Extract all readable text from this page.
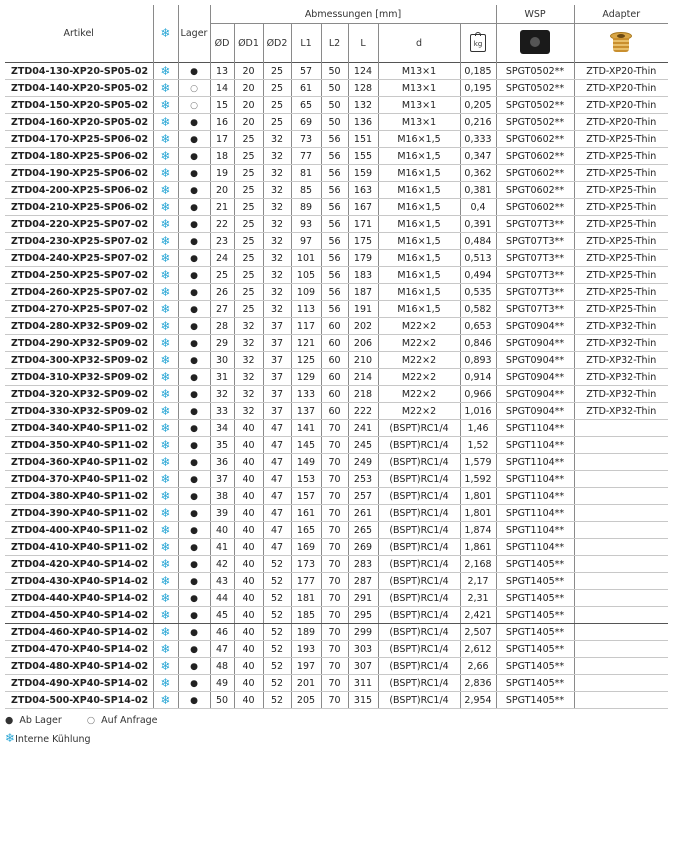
Artikel	❄	Lager	Abmessungen [mm]								WSP	Adapter
			ØD	ØD1	ØD2	L1	L2	L	d	kg		

ZTD04-130-XP20-SP05-02	❄	●	13	20	25	57	50	124	M13×1	0,185	SPGT0502**	ZTD-XP20-Thin
ZTD04-140-XP20-SP05-02	❄	○	14	20	25	61	50	128	M13×1	0,195	SPGT0502**	ZTD-XP20-Thin
ZTD04-150-XP20-SP05-02	❄	○	15	20	25	65	50	132	M13×1	0,205	SPGT0502**	ZTD-XP20-Thin
ZTD04-160-XP20-SP05-02	❄	●	16	20	25	69	50	136	M13×1	0,216	SPGT0502**	ZTD-XP20-Thin
ZTD04-170-XP25-SP06-02	❄	●	17	25	32	73	56	151	M16×1,5	0,333	SPGT0602**	ZTD-XP25-Thin
ZTD04-180-XP25-SP06-02	❄	●	18	25	32	77	56	155	M16×1,5	0,347	SPGT0602**	ZTD-XP25-Thin
ZTD04-190-XP25-SP06-02	❄	●	19	25	32	81	56	159	M16×1,5	0,362	SPGT0602**	ZTD-XP25-Thin
ZTD04-200-XP25-SP06-02	❄	●	20	25	32	85	56	163	M16×1,5	0,381	SPGT0602**	ZTD-XP25-Thin
ZTD04-210-XP25-SP06-02	❄	●	21	25	32	89	56	167	M16×1,5	0,4	SPGT0602**	ZTD-XP25-Thin
ZTD04-220-XP25-SP07-02	❄	●	22	25	32	93	56	171	M16×1,5	0,391	SPGT07T3**	ZTD-XP25-Thin
ZTD04-230-XP25-SP07-02	❄	●	23	25	32	97	56	175	M16×1,5	0,484	SPGT07T3**	ZTD-XP25-Thin
ZTD04-240-XP25-SP07-02	❄	●	24	25	32	101	56	179	M16×1,5	0,513	SPGT07T3**	ZTD-XP25-Thin
ZTD04-250-XP25-SP07-02	❄	●	25	25	32	105	56	183	M16×1,5	0,494	SPGT07T3**	ZTD-XP25-Thin
ZTD04-260-XP25-SP07-02	❄	●	26	25	32	109	56	187	M16×1,5	0,535	SPGT07T3**	ZTD-XP25-Thin
ZTD04-270-XP25-SP07-02	❄	●	27	25	32	113	56	191	M16×1,5	0,582	SPGT07T3**	ZTD-XP25-Thin
ZTD04-280-XP32-SP09-02	❄	●	28	32	37	117	60	202	M22×2	0,653	SPGT0904**	ZTD-XP32-Thin
ZTD04-290-XP32-SP09-02	❄	●	29	32	37	121	60	206	M22×2	0,846	SPGT0904**	ZTD-XP32-Thin
ZTD04-300-XP32-SP09-02	❄	●	30	32	37	125	60	210	M22×2	0,893	SPGT0904**	ZTD-XP32-Thin
ZTD04-310-XP32-SP09-02	❄	●	31	32	37	129	60	214	M22×2	0,914	SPGT0904**	ZTD-XP32-Thin
ZTD04-320-XP32-SP09-02	❄	●	32	32	37	133	60	218	M22×2	0,966	SPGT0904**	ZTD-XP32-Thin
ZTD04-330-XP32-SP09-02	❄	●	33	32	37	137	60	222	M22×2	1,016	SPGT0904**	ZTD-XP32-Thin
ZTD04-340-XP40-SP11-02	❄	●	34	40	47	141	70	241	(BSPT)RC1/4	1,46	SPGT1104**	
ZTD04-350-XP40-SP11-02	❄	●	35	40	47	145	70	245	(BSPT)RC1/4	1,52	SPGT1104**	
ZTD04-360-XP40-SP11-02	❄	●	36	40	47	149	70	249	(BSPT)RC1/4	1,579	SPGT1104**	
ZTD04-370-XP40-SP11-02	❄	●	37	40	47	153	70	253	(BSPT)RC1/4	1,592	SPGT1104**	
ZTD04-380-XP40-SP11-02	❄	●	38	40	47	157	70	257	(BSPT)RC1/4	1,801	SPGT1104**	
ZTD04-390-XP40-SP11-02	❄	●	39	40	47	161	70	261	(BSPT)RC1/4	1,801	SPGT1104**	
ZTD04-400-XP40-SP11-02	❄	●	40	40	47	165	70	265	(BSPT)RC1/4	1,874	SPGT1104**	
ZTD04-410-XP40-SP11-02	❄	●	41	40	47	169	70	269	(BSPT)RC1/4	1,861	SPGT1104**	
ZTD04-420-XP40-SP14-02	❄	●	42	40	52	173	70	283	(BSPT)RC1/4	2,168	SPGT1405**	
ZTD04-430-XP40-SP14-02	❄	●	43	40	52	177	70	287	(BSPT)RC1/4	2,17	SPGT1405**	
ZTD04-440-XP40-SP14-02	❄	●	44	40	52	181	70	291	(BSPT)RC1/4	2,31	SPGT1405**	
ZTD04-450-XP40-SP14-02	❄	●	45	40	52	185	70	295	(BSPT)RC1/4	2,421	SPGT1405**	
ZTD04-460-XP40-SP14-02	❄	●	46	40	52	189	70	299	(BSPT)RC1/4	2,507	SPGT1405**	
ZTD04-470-XP40-SP14-02	❄	●	47	40	52	193	70	303	(BSPT)RC1/4	2,612	SPGT1405**	
ZTD04-480-XP40-SP14-02	❄	●	48	40	52	197	70	307	(BSPT)RC1/4	2,66	SPGT1405**	
ZTD04-490-XP40-SP14-02	❄	●	49	40	52	201	70	311	(BSPT)RC1/4	2,836	SPGT1405**	
ZTD04-500-XP40-SP14-02	❄	●	50	40	52	205	70	315	(BSPT)RC1/4	2,954	SPGT1405**	
● Ab Lager	○ Auf Anfrage
❄Interne Kühlung
